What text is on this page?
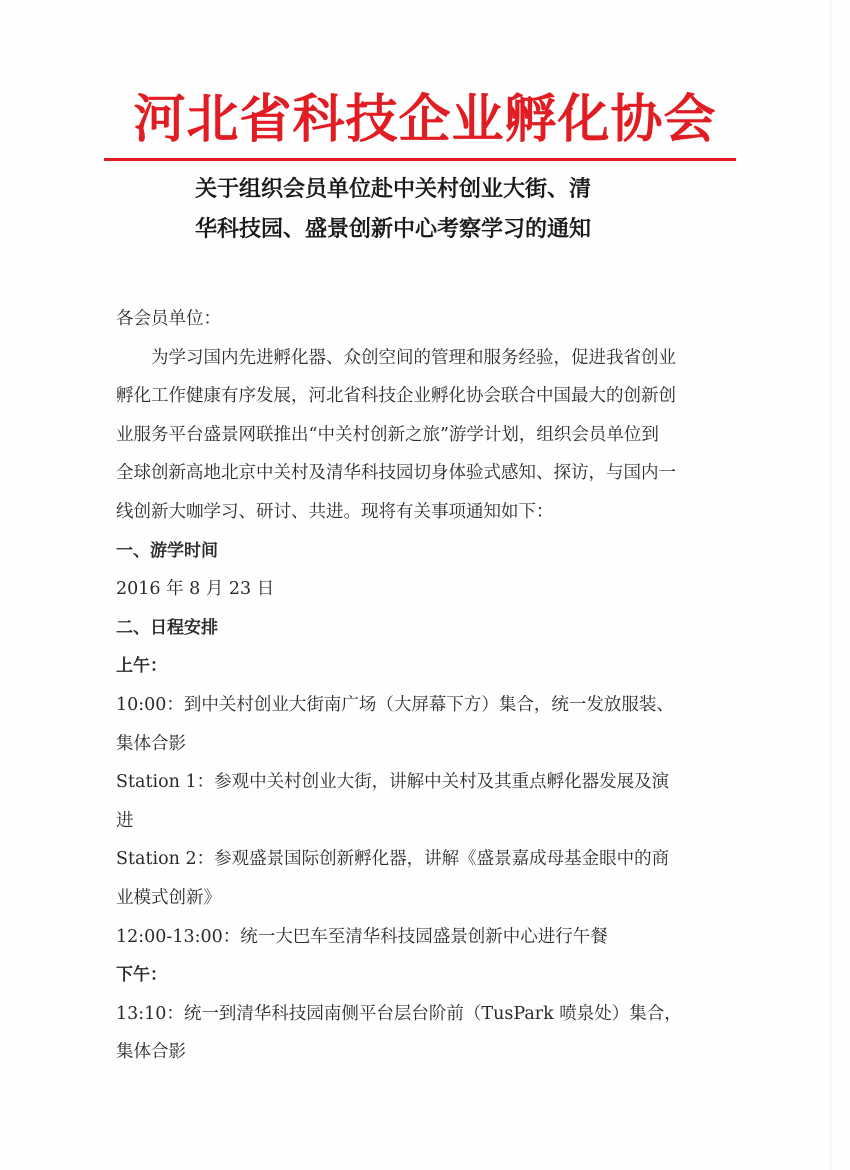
河北省科技企业孵化协会
关于组织会员单位赴中关村创业大街、清
华科技园、盛景创新中心考察学习的通知
各会员单位：
为学习国内先进孵化器、众创空间的管理和服务经验，促进我省创业
孵化工作健康有序发展，河北省科技企业孵化协会联合中国最大的创新创
业服务平台盛景网联推出“中关村创新之旅”游学计划，组织会员单位到
全球创新高地北京中关村及清华科技园切身体验式感知、探访，与国内一
线创新大咖学习、研讨、共进。现将有关事项通知如下：
一、游学时间
2016 年 8 月 23 日
二、日程安排
上午：
10:00：到中关村创业大街南广场（大屏幕下方）集合，统一发放服装、
集体合影
Station 1：参观中关村创业大街，讲解中关村及其重点孵化器发展及演
进
Station 2：参观盛景国际创新孵化器，讲解《盛景嘉成母基金眼中的商
业模式创新》
12:00-13:00：统一大巴车至清华科技园盛景创新中心进行午餐
下午：
13:10：统一到清华科技园南侧平台层台阶前（TusPark 喷泉处）集合，
集体合影
